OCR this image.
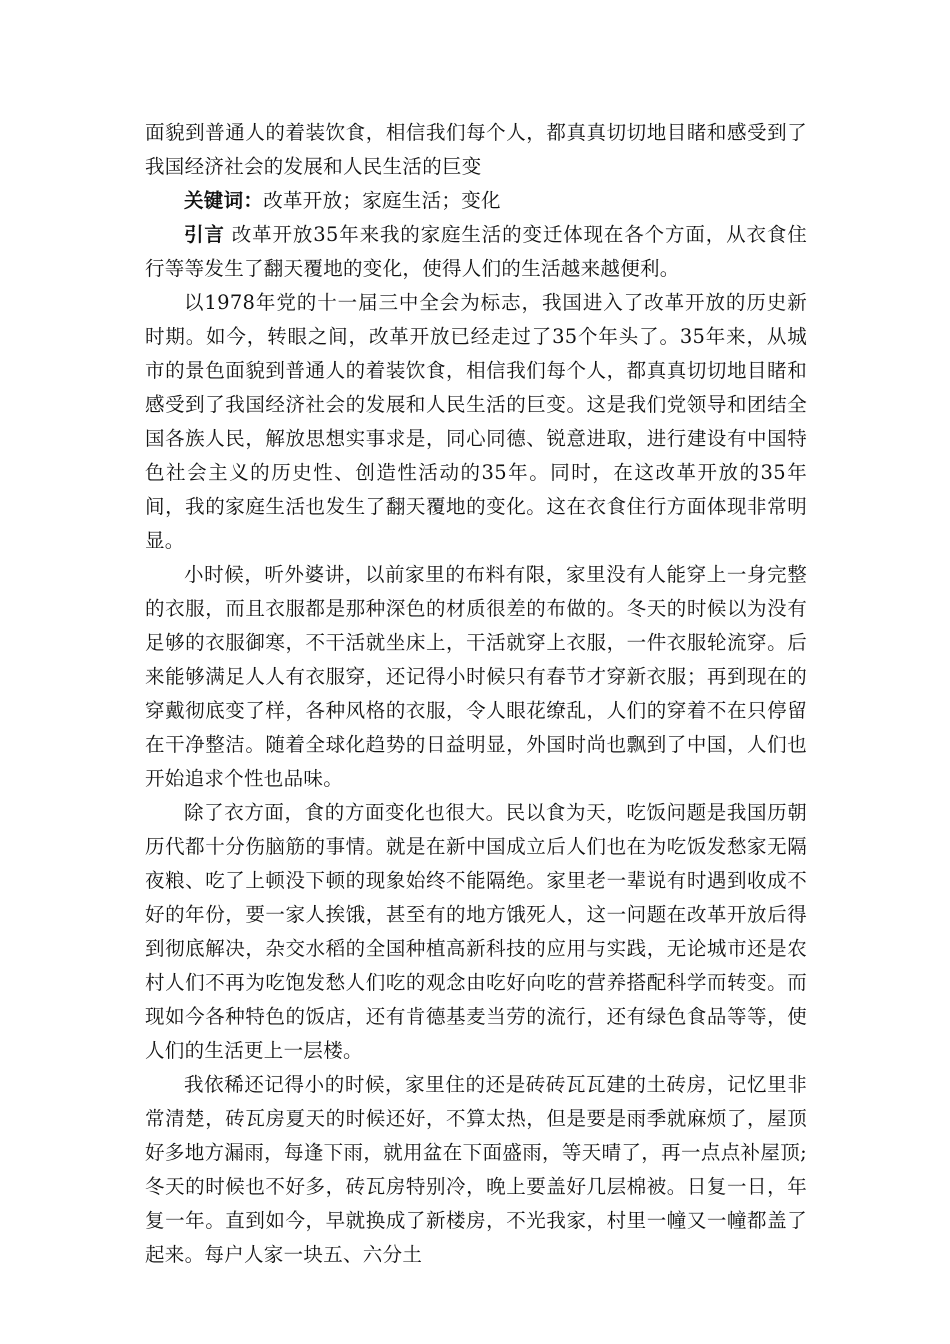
面貌到普通人的着装饮食，相信我们每个人，都真真切切地目睹和感受到了我国经济社会的发展和人民生活的巨变

关键词：改革开放；家庭生活；变化

引言 改革开放35年来我的家庭生活的变迁体现在各个方面，从衣食住行等等发生了翻天覆地的变化，使得人们的生活越来越便利。

以1978年党的十一届三中全会为标志，我国进入了改革开放的历史新时期。如今，转眼之间，改革开放已经走过了35个年头了。35年来，从城市的景色面貌到普通人的着装饮食，相信我们每个人，都真真切切地目睹和感受到了我国经济社会的发展和人民生活的巨变。这是我们党领导和团结全国各族人民，解放思想实事求是，同心同德、锐意进取，进行建设有中国特色社会主义的历史性、创造性活动的35年。同时，在这改革开放的35年间，我的家庭生活也发生了翻天覆地的变化。这在衣食住行方面体现非常明显。

小时候，听外婆讲，以前家里的布料有限，家里没有人能穿上一身完整的衣服，而且衣服都是那种深色的材质很差的布做的。冬天的时候以为没有足够的衣服御寒，不干活就坐床上，干活就穿上衣服，一件衣服轮流穿。后来能够满足人人有衣服穿，还记得小时候只有春节才穿新衣服；再到现在的穿戴彻底变了样，各种风格的衣服，令人眼花缭乱，人们的穿着不在只停留在干净整洁。随着全球化趋势的日益明显，外国时尚也飘到了中国，人们也开始追求个性也品味。

除了衣方面，食的方面变化也很大。民以食为天，吃饭问题是我国历朝历代都十分伤脑筋的事情。就是在新中国成立后人们也在为吃饭发愁家无隔夜粮、吃了上顿没下顿的现象始终不能隔绝。家里老一辈说有时遇到收成不好的年份，要一家人挨饿，甚至有的地方饿死人，这一问题在改革开放后得到彻底解决，杂交水稻的全国种植高新科技的应用与实践，无论城市还是农村人们不再为吃饱发愁人们吃的观念由吃好向吃的营养搭配科学而转变。而现如今各种特色的饭店，还有肯德基麦当劳的流行，还有绿色食品等等，使人们的生活更上一层楼。

我依稀还记得小的时候，家里住的还是砖砖瓦瓦建的土砖房，记忆里非常清楚，砖瓦房夏天的时候还好，不算太热，但是要是雨季就麻烦了，屋顶好多地方漏雨，每逢下雨，就用盆在下面盛雨，等天晴了，再一点点补屋顶;冬天的时候也不好多，砖瓦房特别冷，晚上要盖好几层棉被。日复一日，年复一年。直到如今，早就换成了新楼房，不光我家，村里一幢又一幢都盖了起来。每户人家一块五、六分土
